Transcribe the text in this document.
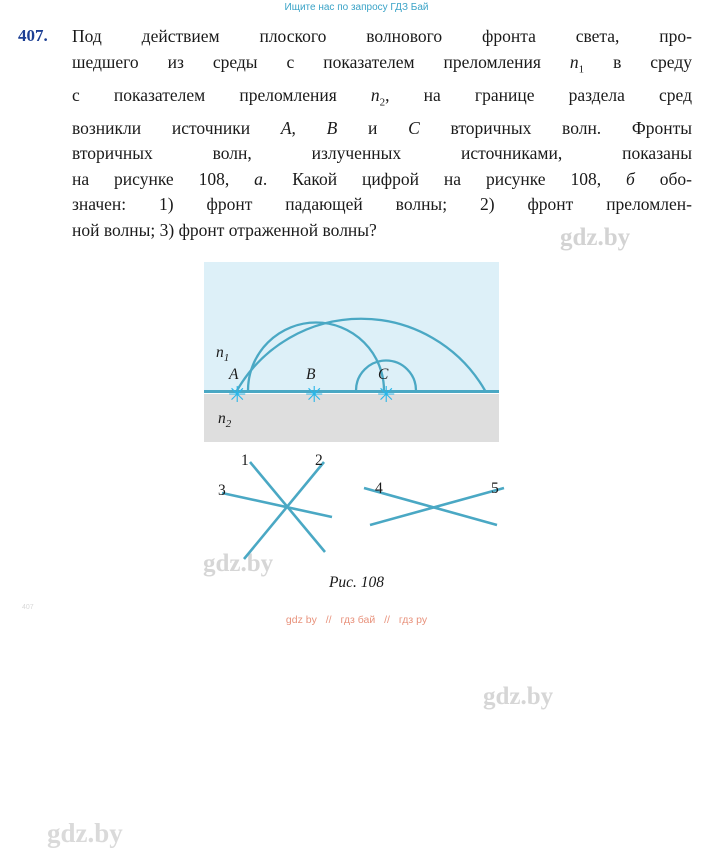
Ищите нас по запросу ГДЗ Бай
407. Под действием плоского волнового фронта света, про-
шедшего из среды с показателем преломления $n_1$ в среду
с показателем преломления $n_2$, на границе раздела сред
возникли источники A, B и C вторичных волн. Фронты
вторичных волн, излученных источниками, показаны
на рисунке 108, а. Какой цифрой на рисунке 108, б обо-
значен: 1) фронт падающей волны; 2) фронт преломлен-
ной волны; 3) фронт отраженной волны?	gdz.by
$n_1$
$n_2$
A	B	C
✳	✳ ✳
gdz.by
gdz.by
1	2
3	4	5
gdz.by
Рис. 108
407
gdz by // гдз бай // гдз ру
